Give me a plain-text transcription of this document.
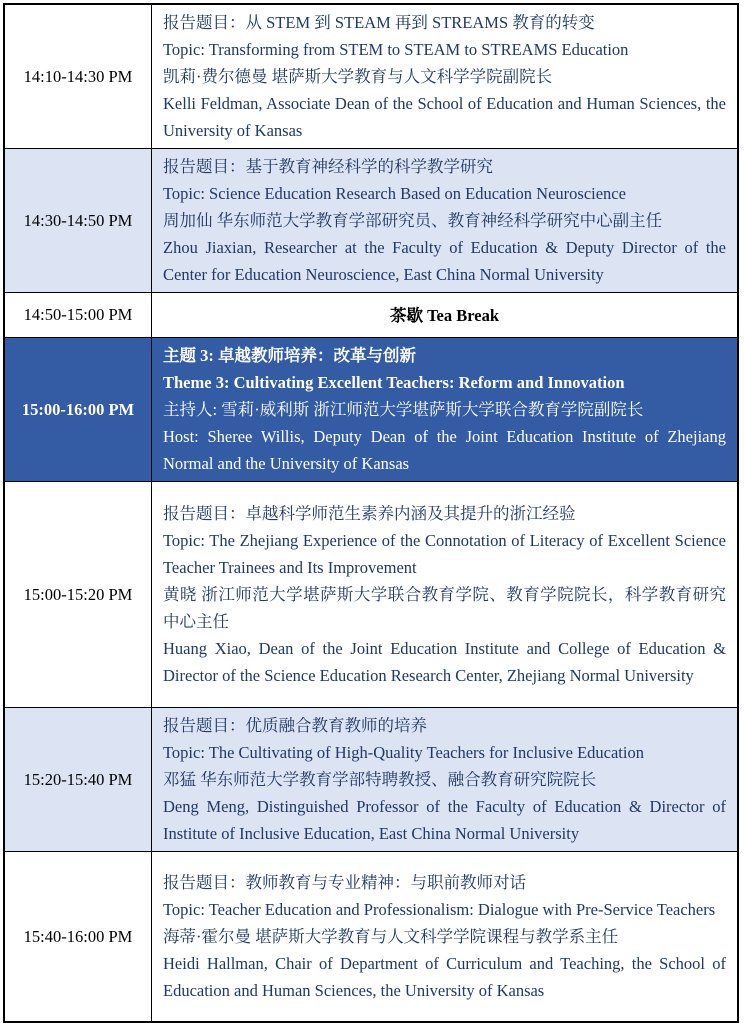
14:10-14:30 PM
报告题目：从 STEM 到 STEAM 再到 STREAMS 教育的转变
Topic: Transforming from STEM to STEAM to STREAMS Education
凯莉·费尔德曼 堪萨斯大学教育与人文科学学院副院长
Kelli Feldman, Associate Dean of the School of Education and Human Sciences, the University of Kansas
14:30-14:50 PM
报告题目：基于教育神经科学的科学教学研究
Topic: Science Education Research Based on Education Neuroscience
周加仙 华东师范大学教育学部研究员、教育神经科学研究中心副主任
Zhou Jiaxian, Researcher at the Faculty of Education & Deputy Director of the Center for Education Neuroscience, East China Normal University
14:50-15:00 PM	茶歇 Tea Break
15:00-16:00 PM
主题 3: 卓越教师培养：改革与创新
Theme 3: Cultivating Excellent Teachers: Reform and Innovation
主持人: 雪莉·威利斯 浙江师范大学堪萨斯大学联合教育学院副院长
Host: Sheree Willis, Deputy Dean of the Joint Education Institute of Zhejiang Normal and the University of Kansas
15:00-15:20 PM
报告题目：卓越科学师范生素养内涵及其提升的浙江经验
Topic: The Zhejiang Experience of the Connotation of Literacy of Excellent Science Teacher Trainees and Its Improvement
黄晓 浙江师范大学堪萨斯大学联合教育学院、教育学院院长，科学教育研究中心主任
Huang Xiao, Dean of the Joint Education Institute and College of Education & Director of the Science Education Research Center, Zhejiang Normal University
15:20-15:40 PM
报告题目：优质融合教育教师的培养
Topic: The Cultivating of High-Quality Teachers for Inclusive Education
邓猛 华东师范大学教育学部特聘教授、融合教育研究院院长
Deng Meng, Distinguished Professor of the Faculty of Education & Director of Institute of Inclusive Education, East China Normal University
15:40-16:00 PM
报告题目：教师教育与专业精神：与职前教师对话
Topic: Teacher Education and Professionalism: Dialogue with Pre-Service Teachers
海蒂·霍尔曼 堪萨斯大学教育与人文科学学院课程与教学系主任
Heidi Hallman, Chair of Department of Curriculum and Teaching, the School of Education and Human Sciences, the University of Kansas
